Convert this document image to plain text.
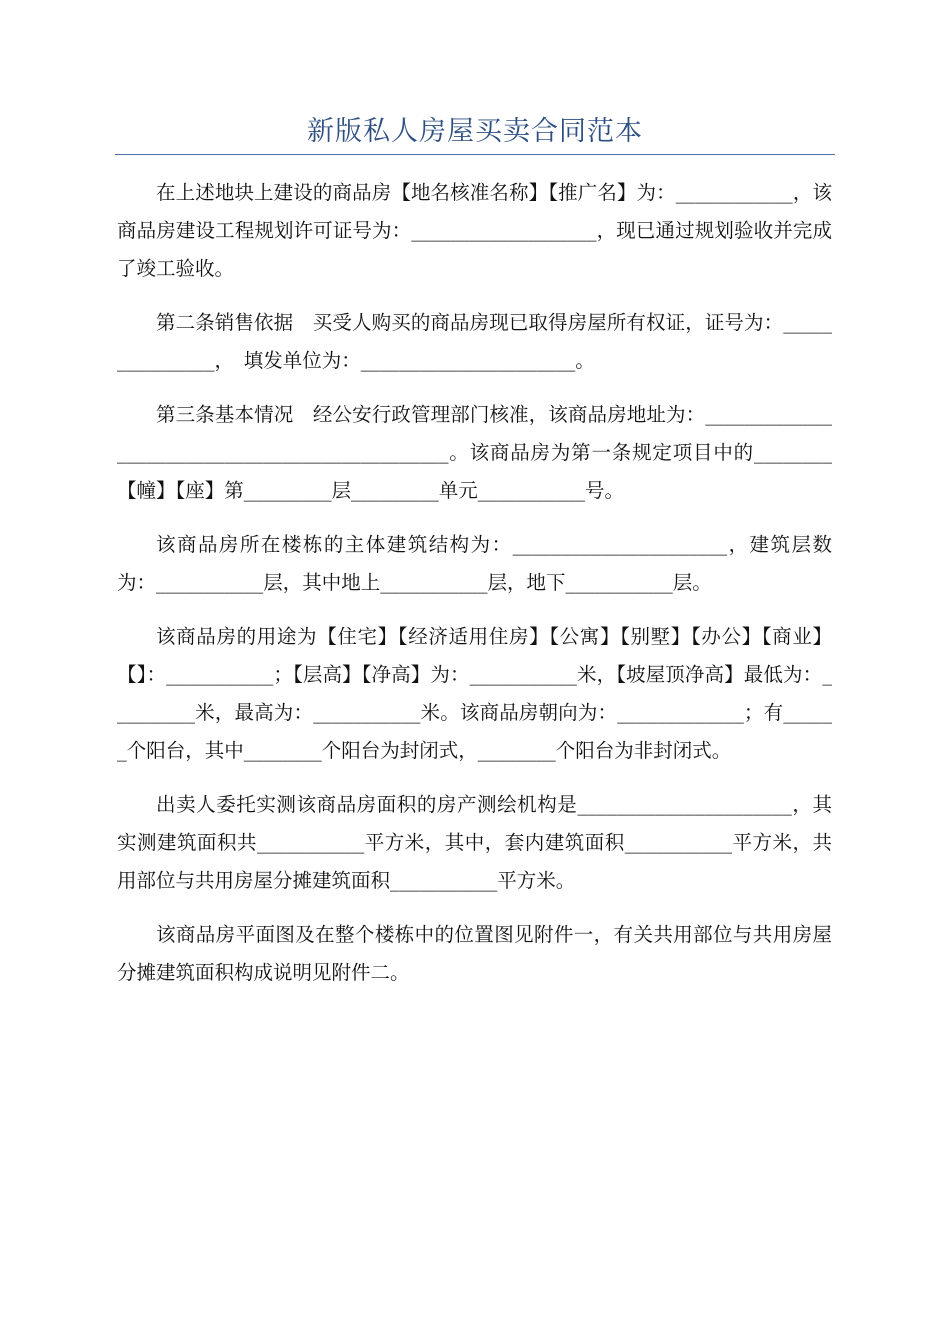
新版私人房屋买卖合同范本

在上述地块上建设的商品房【地名核准名称】【推广名】为：____________，该商品房建设工程规划许可证号为：___________________，现已通过规划验收并完成了竣工验收。

第二条销售依据　买受人购买的商品房现已取得房屋所有权证，证号为：_______________，　填发单位为：______________________。

第三条基本情况　经公安行政管理部门核准，该商品房地址为：_______________________________________________。该商品房为第一条规定项目中的________【幢】【座】第_________层_________单元___________号。

该商品房所在楼栋的主体建筑结构为：______________________，建筑层数为：___________层，其中地上___________层，地下___________层。

该商品房的用途为【住宅】【经济适用住房】【公寓】【别墅】【办公】【商业】【】：___________；【层高】【净高】为：___________米，【坡屋顶净高】最低为：_________米，最高为：___________米。该商品房朝向为：_____________；有______个阳台，其中________个阳台为封闭式，________个阳台为非封闭式。

出卖人委托实测该商品房面积的房产测绘机构是______________________，其实测建筑面积共___________平方米，其中，套内建筑面积___________平方米，共用部位与共用房屋分摊建筑面积___________平方米。

该商品房平面图及在整个楼栋中的位置图见附件一，有关共用部位与共用房屋分摊建筑面积构成说明见附件二。
